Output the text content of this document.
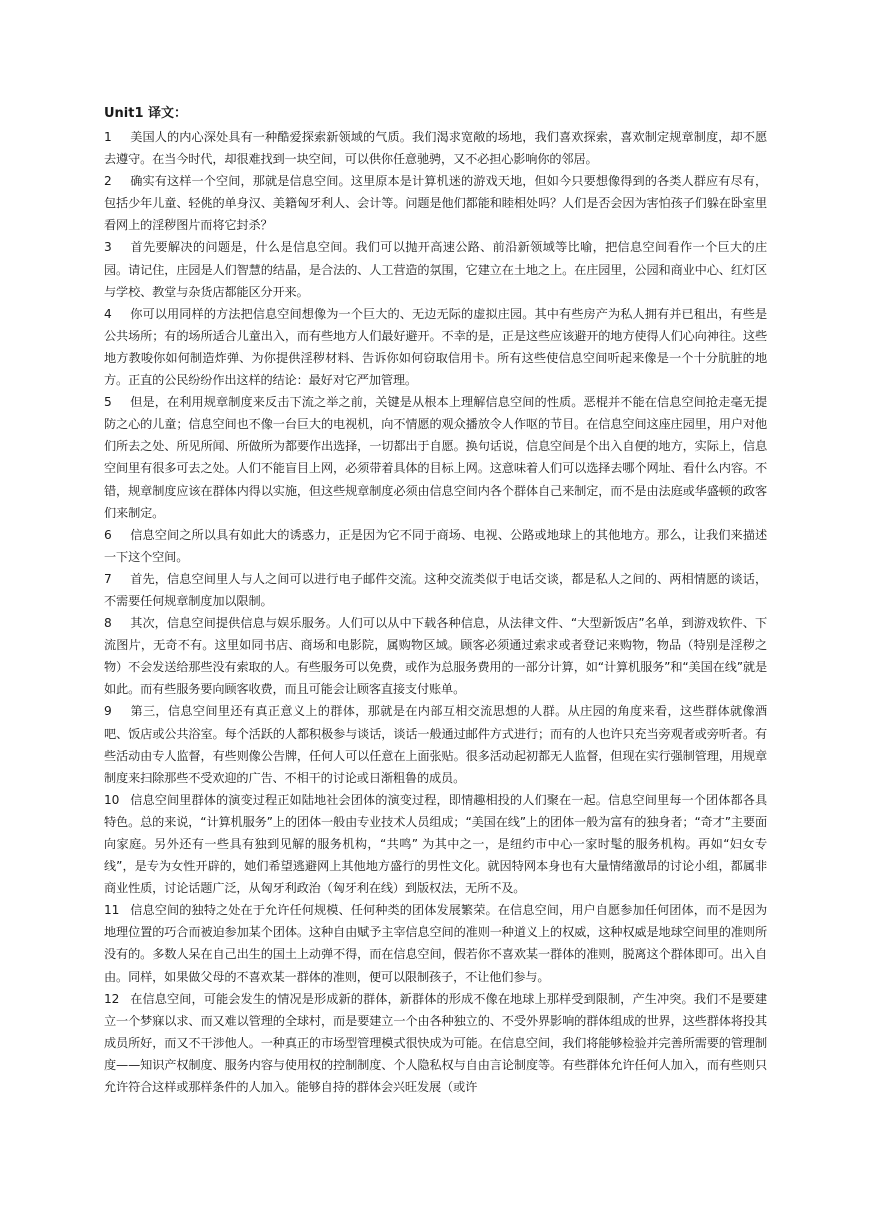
Unit1 译文：

1 美国人的内心深处具有一种酷爱探索新领域的气质。我们渴求宽敞的场地，我们喜欢探索，喜欢制定规章制度，却不愿去遵守。在当今时代，却很难找到一块空间，可以供你任意驰骋，又不必担心影响你的邻居。

2 确实有这样一个空间，那就是信息空间。这里原本是计算机迷的游戏天地，但如今只要想像得到的各类人群应有尽有，包括少年儿童、轻佻的单身汉、美籍匈牙利人、会计等。问题是他们都能和睦相处吗？人们是否会因为害怕孩子们躲在卧室里看网上的淫秽图片而将它封杀？

3 首先要解决的问题是，什么是信息空间。我们可以抛开高速公路、前沿新领域等比喻，把信息空间看作一个巨大的庄园。请记住，庄园是人们智慧的结晶，是合法的、人工营造的氛围，它建立在土地之上。在庄园里，公园和商业中心、红灯区与学校、教堂与杂货店都能区分开来。

4 你可以用同样的方法把信息空间想像为一个巨大的、无边无际的虚拟庄园。其中有些房产为私人拥有并已租出，有些是公共场所；有的场所适合儿童出入，而有些地方人们最好避开。不幸的是，正是这些应该避开的地方使得人们心向神往。这些地方教唆你如何制造炸弹、为你提供淫秽材料、告诉你如何窃取信用卡。所有这些使信息空间听起来像是一个十分肮脏的地方。正直的公民纷纷作出这样的结论：最好对它严加管理。

5 但是，在利用规章制度来反击下流之举之前，关键是从根本上理解信息空间的性质。恶棍并不能在信息空间抢走毫无提防之心的儿童；信息空间也不像一台巨大的电视机，向不情愿的观众播放令人作呕的节目。在信息空间这座庄园里，用户对他们所去之处、所见所闻、所做所为都要作出选择，一切都出于自愿。换句话说，信息空间是个出入自便的地方，实际上，信息空间里有很多可去之处。人们不能盲目上网，必须带着具体的目标上网。这意味着人们可以选择去哪个网址、看什么内容。不错，规章制度应该在群体内得以实施，但这些规章制度必须由信息空间内各个群体自己来制定，而不是由法庭或华盛顿的政客们来制定。

6 信息空间之所以具有如此大的诱惑力，正是因为它不同于商场、电视、公路或地球上的其他地方。那么，让我们来描述一下这个空间。

7 首先，信息空间里人与人之间可以进行电子邮件交流。这种交流类似于电话交谈，都是私人之间的、两相情愿的谈话，不需要任何规章制度加以限制。

8 其次，信息空间提供信息与娱乐服务。人们可以从中下载各种信息，从法律文件、“大型新饭店”名单，到游戏软件、下流图片，无奇不有。这里如同书店、商场和电影院，属购物区域。顾客必须通过索求或者登记来购物，物品（特别是淫秽之物）不会发送给那些没有索取的人。有些服务可以免费，或作为总服务费用的一部分计算，如“计算机服务”和“美国在线”就是如此。而有些服务要向顾客收费，而且可能会让顾客直接支付账单。

9 第三，信息空间里还有真正意义上的群体，那就是在内部互相交流思想的人群。从庄园的角度来看，这些群体就像酒吧、饭店或公共浴室。每个活跃的人都积极参与谈话，谈话一般通过邮件方式进行；而有的人也许只充当旁观者或旁听者。有些活动由专人监督，有些则像公告牌，任何人可以任意在上面张贴。很多活动起初都无人监督，但现在实行强制管理，用规章制度来扫除那些不受欢迎的广告、不相干的讨论或日渐粗鲁的成员。

10 信息空间里群体的演变过程正如陆地社会团体的演变过程，即情趣相投的人们聚在一起。信息空间里每一个团体都各具特色。总的来说，“计算机服务”上的团体一般由专业技术人员组成；“美国在线”上的团体一般为富有的独身者；“奇才”主要面向家庭。另外还有一些具有独到见解的服务机构，“共鸣” 为其中之一，是纽约市中心一家时髦的服务机构。再如“妇女专线”，是专为女性开辟的，她们希望逃避网上其他地方盛行的男性文化。就因特网本身也有大量情绪激昂的讨论小组，都属非商业性质，讨论话题广泛，从匈牙利政治（匈牙利在线）到版权法，无所不及。

11 信息空间的独特之处在于允许任何规模、任何种类的团体发展繁荣。在信息空间，用户自愿参加任何团体，而不是因为地理位置的巧合而被迫参加某个团体。这种自由赋予主宰信息空间的准则一种道义上的权威，这种权威是地球空间里的准则所没有的。多数人呆在自己出生的国土上动弹不得，而在信息空间，假若你不喜欢某一群体的准则，脱离这个群体即可。出入自由。同样，如果做父母的不喜欢某一群体的准则，便可以限制孩子，不让他们参与。

12 在信息空间，可能会发生的情况是形成新的群体，新群体的形成不像在地球上那样受到限制，产生冲突。我们不是要建立一个梦寐以求、而又难以管理的全球村，而是要建立一个由各种独立的、不受外界影响的群体组成的世界，这些群体将投其成员所好，而又不干涉他人。一种真正的市场型管理模式很快成为可能。在信息空间，我们将能够检验并完善所需要的管理制度——知识产权制度、服务内容与使用权的控制制度、个人隐私权与自由言论制度等。有些群体允许任何人加入，而有些则只允许符合这样或那样条件的人加入。能够自持的群体会兴旺发展（或许
